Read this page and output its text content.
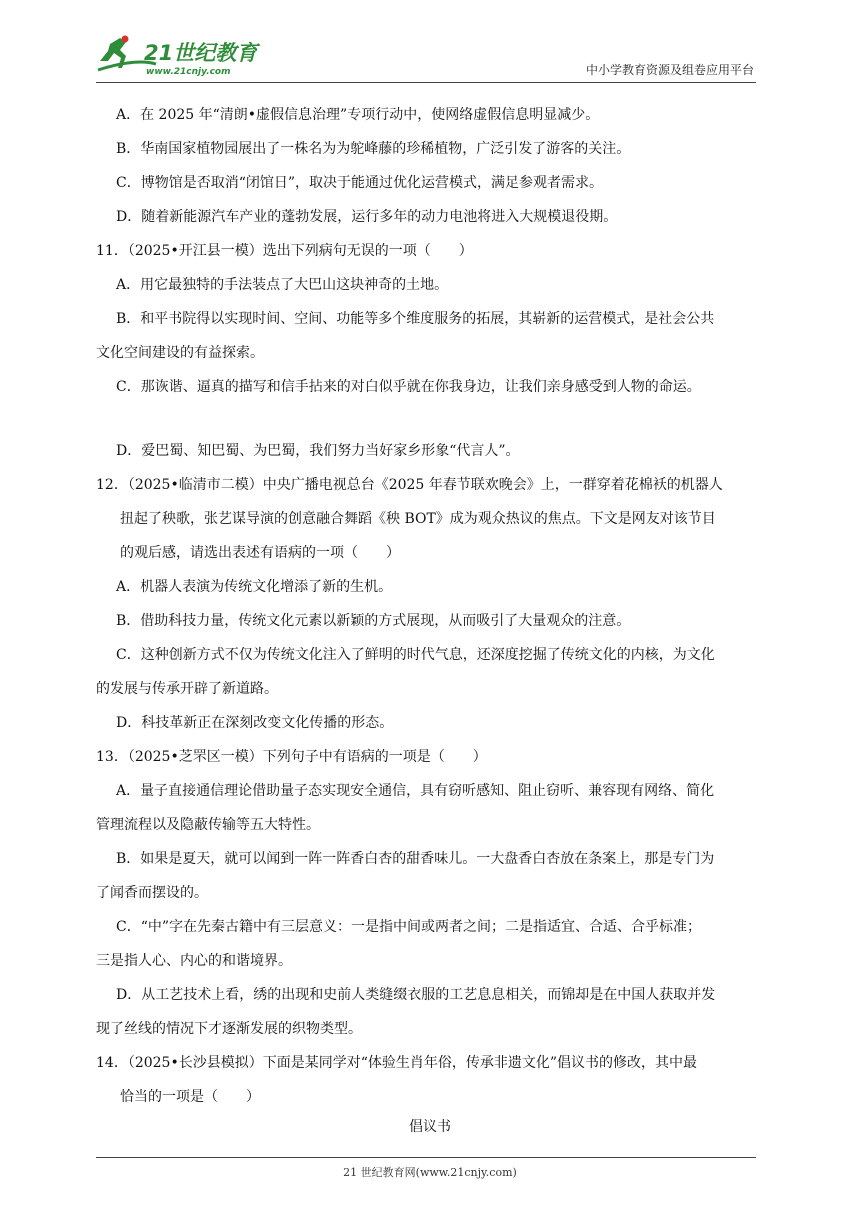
21世纪教育
www.21cnjy.com	中小学教育资源及组卷应用平台
A．在 2025 年“清朗•虚假信息治理”专项行动中，使网络虚假信息明显减少。
B．华南国家植物园展出了一株名为为鸵峰藤的珍稀植物，广泛引发了游客的关注。
C．博物馆是否取消“闭馆日”，取决于能通过优化运营模式，满足参观者需求。
D．随着新能源汽车产业的蓬勃发展，运行多年的动力电池将进入大规模退役期。
11．（2025•开江县一模）选出下列病句无误的一项（　　）
A．用它最独特的手法装点了大巴山这块神奇的土地。
B．和平书院得以实现时间、空间、功能等多个维度服务的拓展，其崭新的运营模式，是社会公共
文化空间建设的有益探索。
C．那诙谐、逼真的描写和信手拈来的对白似乎就在你我身边，让我们亲身感受到人物的命运。
D．爱巴蜀、知巴蜀、为巴蜀，我们努力当好家乡形象“代言人”。
12．（2025•临清市二模）中央广播电视总台《2025 年春节联欢晚会》上，一群穿着花棉袄的机器人
扭起了秧歌，张艺谋导演的创意融合舞蹈《秧 BOT》成为观众热议的焦点。下文是网友对该节目
的观后感，请选出表述有语病的一项（　　）
A．机器人表演为传统文化增添了新的生机。
B．借助科技力量，传统文化元素以新颖的方式展现，从而吸引了大量观众的注意。
C．这种创新方式不仅为传统文化注入了鲜明的时代气息，还深度挖掘了传统文化的内核，为文化
的发展与传承开辟了新道路。
D．科技革新正在深刻改变文化传播的形态。
13．（2025•芝罘区一模）下列句子中有语病的一项是（　　）
A．量子直接通信理论借助量子态实现安全通信，具有窃听感知、阻止窃听、兼容现有网络、简化
管理流程以及隐蔽传输等五大特性。
B．如果是夏天，就可以闻到一阵一阵香白杏的甜香味儿。一大盘香白杏放在条案上，那是专门为
了闻香而摆设的。
C．“中”字在先秦古籍中有三层意义：一是指中间或两者之间；二是指适宜、合适、合乎标准；
三是指人心、内心的和谐境界。
D．从工艺技术上看，绣的出现和史前人类缝缀衣服的工艺息息相关，而锦却是在中国人获取并发
现了丝线的情况下才逐渐发展的织物类型。
14．（2025•长沙县模拟）下面是某同学对“体验生肖年俗，传承非遗文化”倡议书的修改，其中最
恰当的一项是（　　）
倡议书
21 世纪教育网(www.21cnjy.com)
